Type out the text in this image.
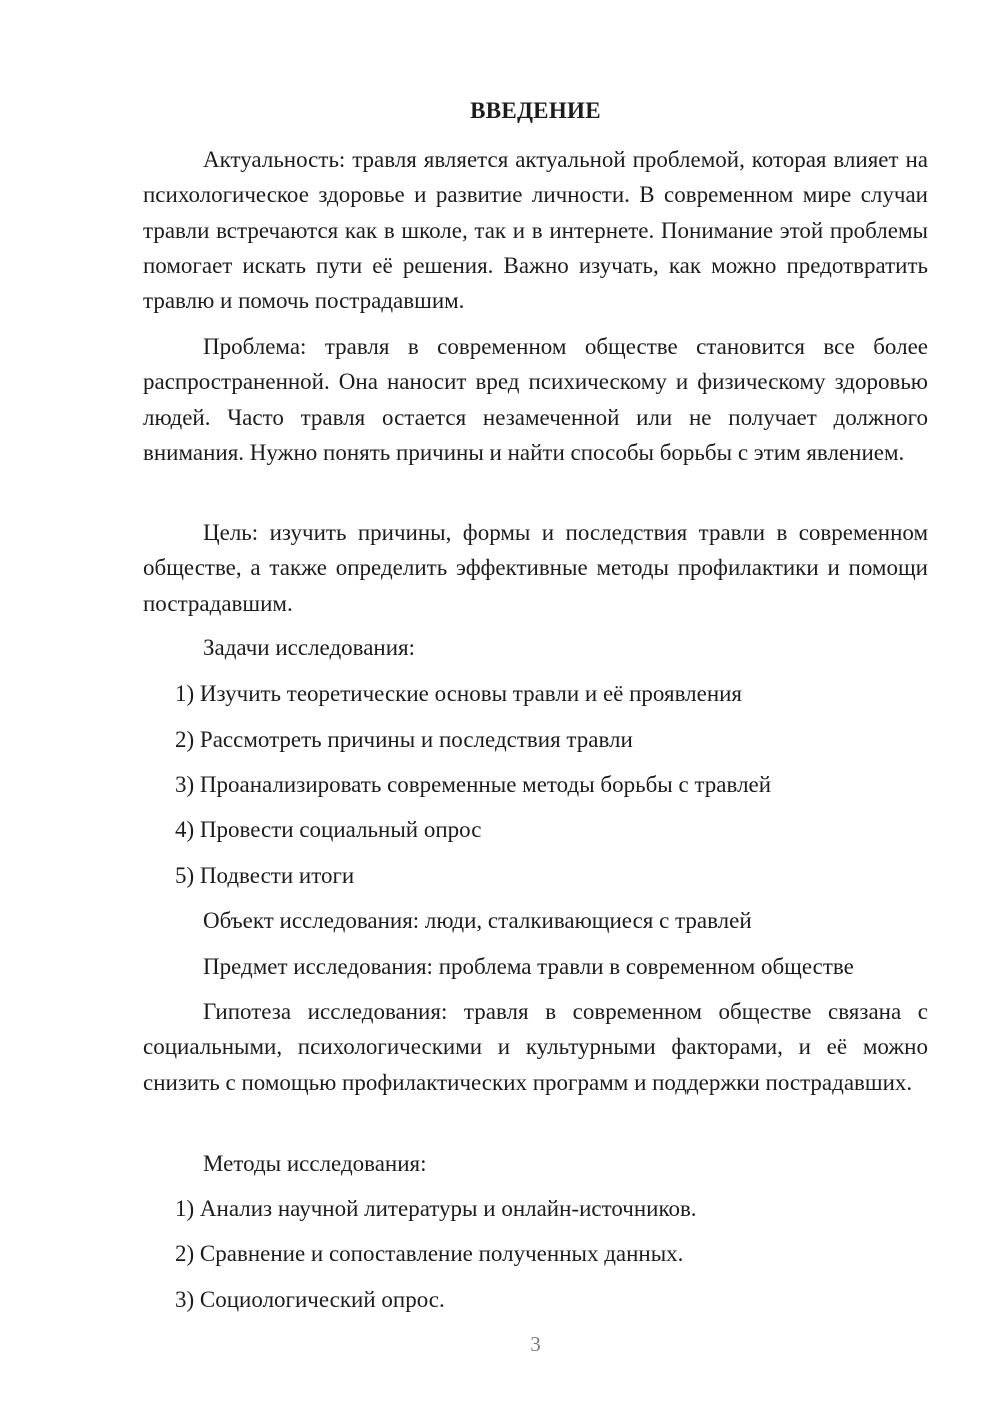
ВВЕДЕНИЕ

Актуальность: травля является актуальной проблемой, которая влияет на психологическое здоровье и развитие личности. В современном мире случаи травли встречаются как в школе, так и в интернете. Понимание этой проблемы помогает искать пути её решения. Важно изучать, как можно предотвратить травлю и помочь пострадавшим.

Проблема: травля в современном обществе становится все более распространенной. Она наносит вред психическому и физическому здоровью людей. Часто травля остается незамеченной или не получает должного внимания. Нужно понять причины и найти способы борьбы с этим явлением.

Цель: изучить причины, формы и последствия травли в современном обществе, а также определить эффективные методы профилактики и помощи пострадавшим.

Задачи исследования:

1) Изучить теоретические основы травли и её проявления

2) Рассмотреть причины и последствия травли

3) Проанализировать современные методы борьбы с травлей

4) Провести социальный опрос

5) Подвести итоги

Объект исследования: люди, сталкивающиеся с травлей

Предмет исследования: проблема травли в современном обществе

Гипотеза исследования: травля в современном обществе связана с социальными, психологическими и культурными факторами, и её можно снизить с помощью профилактических программ и поддержки пострадавших.

Методы исследования:

1) Анализ научной литературы и онлайн-источников.

2) Сравнение и сопоставление полученных данных.

3) Социологический опрос.

3
